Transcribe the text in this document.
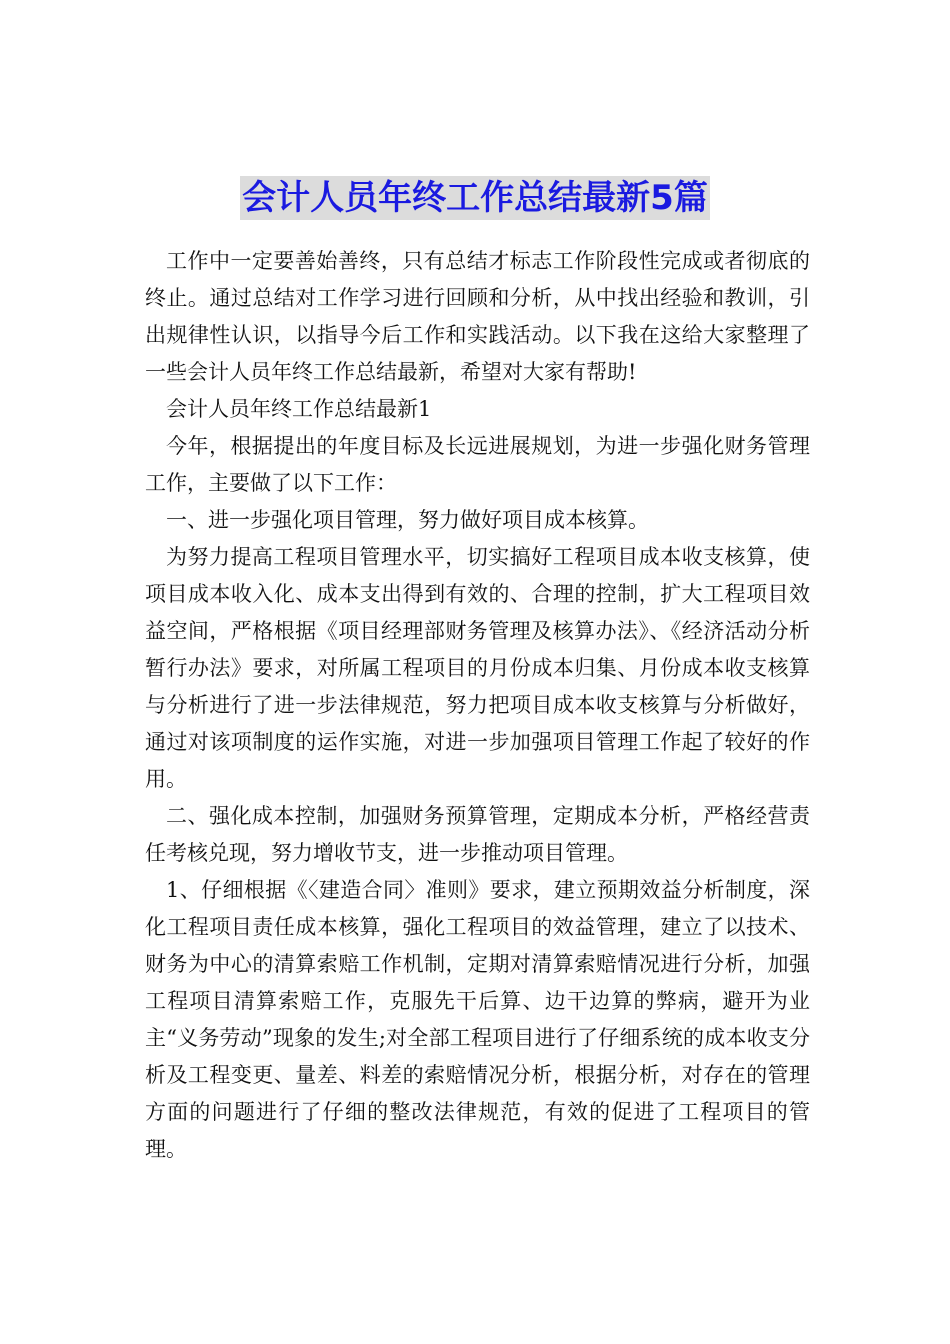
会计人员年终工作总结最新5篇

工作中一定要善始善终，只有总结才标志工作阶段性完成或者彻底的终止。通过总结对工作学习进行回顾和分析，从中找出经验和教训，引出规律性认识，以指导今后工作和实践活动。以下我在这给大家整理了一些会计人员年终工作总结最新，希望对大家有帮助!

会计人员年终工作总结最新1

今年，根据提出的年度目标及长远进展规划，为进一步强化财务管理工作，主要做了以下工作：

一、进一步强化项目管理，努力做好项目成本核算。

为努力提高工程项目管理水平，切实搞好工程项目成本收支核算，使项目成本收入化、成本支出得到有效的、合理的控制，扩大工程项目效益空间，严格根据《项目经理部财务管理及核算办法》、《经济活动分析暂行办法》要求，对所属工程项目的月份成本归集、月份成本收支核算与分析进行了进一步法律规范，努力把项目成本收支核算与分析做好，通过对该项制度的运作实施，对进一步加强项目管理工作起了较好的作用。

二、强化成本控制，加强财务预算管理，定期成本分析，严格经营责任考核兑现，努力增收节支，进一步推动项目管理。

1、仔细根据《〈建造合同〉准则》要求，建立预期效益分析制度，深化工程项目责任成本核算，强化工程项目的效益管理，建立了以技术、财务为中心的清算索赔工作机制，定期对清算索赔情况进行分析，加强工程项目清算索赔工作，克服先干后算、边干边算的弊病，避开为业主“义务劳动”现象的发生;对全部工程项目进行了仔细系统的成本收支分析及工程变更、量差、料差的索赔情况分析，根据分析，对存在的管理方面的问题进行了仔细的整改法律规范，有效的促进了工程项目的管理。
